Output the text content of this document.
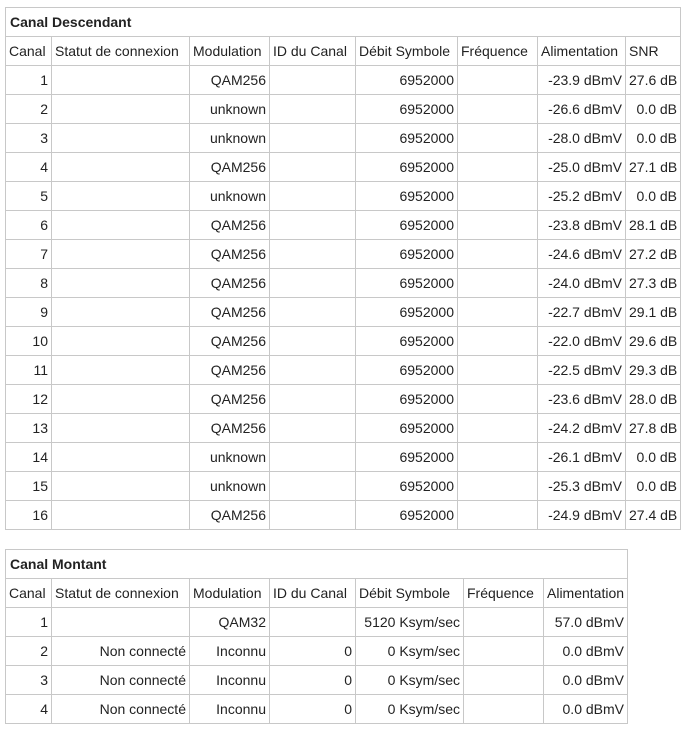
Canal Descendant							
Canal	Statut de connexion	Modulation	ID du Canal	Débit Symbole	Fréquence	Alimentation	SNR
1		QAM256		6952000		-23.9 dBmV	27.6 dB
2		unknown		6952000		-26.6 dBmV	0.0 dB
3		unknown		6952000		-28.0 dBmV	0.0 dB
4		QAM256		6952000		-25.0 dBmV	27.1 dB
5		unknown		6952000		-25.2 dBmV	0.0 dB
6		QAM256		6952000		-23.8 dBmV	28.1 dB
7		QAM256		6952000		-24.6 dBmV	27.2 dB
8		QAM256		6952000		-24.0 dBmV	27.3 dB
9		QAM256		6952000		-22.7 dBmV	29.1 dB
10		QAM256		6952000		-22.0 dBmV	29.6 dB
11		QAM256		6952000		-22.5 dBmV	29.3 dB
12		QAM256		6952000		-23.6 dBmV	28.0 dB
13		QAM256		6952000		-24.2 dBmV	27.8 dB
14		unknown		6952000		-26.1 dBmV	0.0 dB
15		unknown		6952000		-25.3 dBmV	0.0 dB
16		QAM256		6952000		-24.9 dBmV	27.4 dB
Canal Montant						
Canal	Statut de connexion	Modulation	ID du Canal	Débit Symbole	Fréquence	Alimentation
1		QAM32		5120 Ksym/sec		57.0 dBmV
2	Non connecté	Inconnu	0	0 Ksym/sec		0.0 dBmV
3	Non connecté	Inconnu	0	0 Ksym/sec		0.0 dBmV
4	Non connecté	Inconnu	0	0 Ksym/sec		0.0 dBmV
